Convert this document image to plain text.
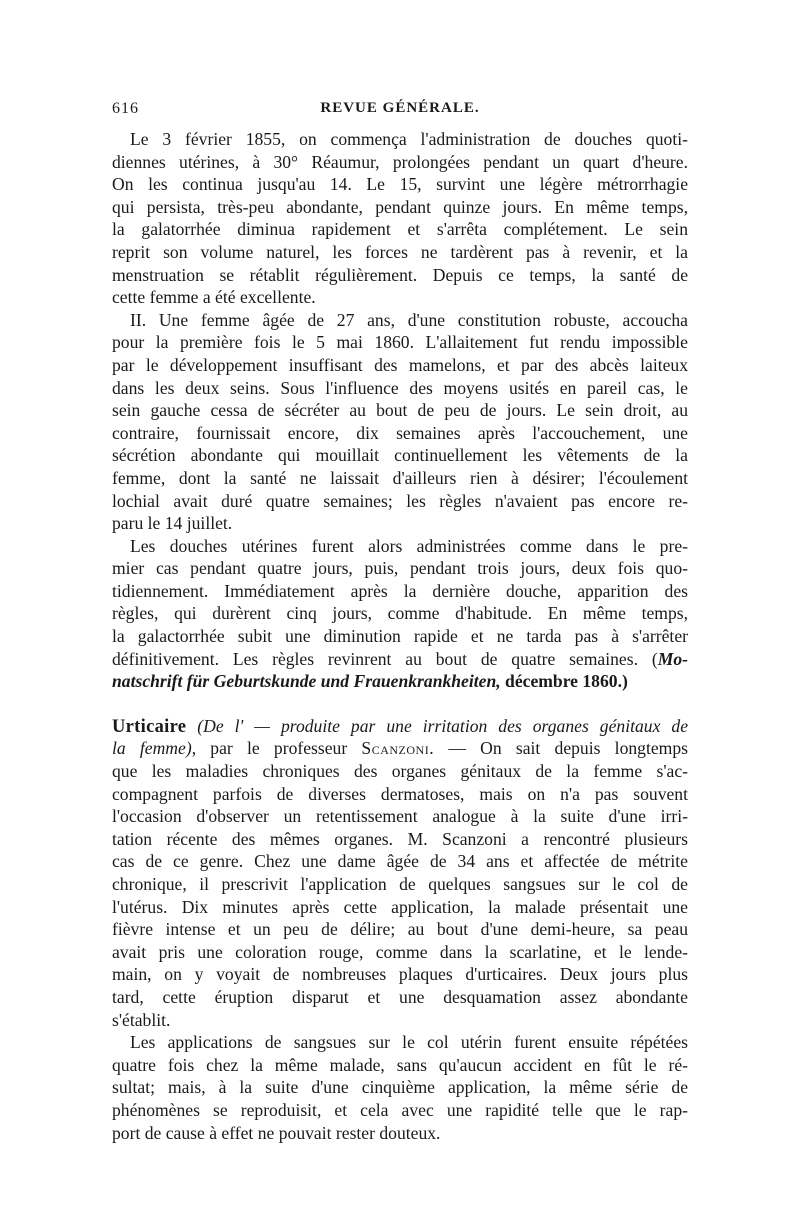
616	REVUE GÉNÉRALE.
Le 3 février 1855, on commença l'administration de douches quoti-
diennes utérines, à 30° Réaumur, prolongées pendant un quart d'heure.
On les continua jusqu'au 14. Le 15, survint une légère métrorrhagie
qui persista, très-peu abondante, pendant quinze jours. En même temps,
la galatorrhée diminua rapidement et s'arrêta complétement. Le sein
reprit son volume naturel, les forces ne tardèrent pas à revenir, et la
menstruation se rétablit régulièrement. Depuis ce temps, la santé de
cette femme a été excellente.
II. Une femme âgée de 27 ans, d'une constitution robuste, accoucha
pour la première fois le 5 mai 1860. L'allaitement fut rendu impossible
par le développement insuffisant des mamelons, et par des abcès laiteux
dans les deux seins. Sous l'influence des moyens usités en pareil cas, le
sein gauche cessa de sécréter au bout de peu de jours. Le sein droit, au
contraire, fournissait encore, dix semaines après l'accouchement, une
sécrétion abondante qui mouillait continuellement les vêtements de la
femme, dont la santé ne laissait d'ailleurs rien à désirer; l'écoulement
lochial avait duré quatre semaines; les règles n'avaient pas encore re-
paru le 14 juillet.
Les douches utérines furent alors administrées comme dans le pre-
mier cas pendant quatre jours, puis, pendant trois jours, deux fois quo-
tidiennement. Immédiatement après la dernière douche, apparition des
règles, qui durèrent cinq jours, comme d'habitude. En même temps,
la galactorrhée subit une diminution rapide et ne tarda pas à s'arrêter
définitivement. Les règles revinrent au bout de quatre semaines. (Mo-
natschrift für Geburtskunde und Frauenkrankheiten, décembre 1860.)
Urticaire (De l' — produite par une irritation des organes génitaux de
la femme), par le professeur Scanzoni. — On sait depuis longtemps
que les maladies chroniques des organes génitaux de la femme s'ac-
compagnent parfois de diverses dermatoses, mais on n'a pas souvent
l'occasion d'observer un retentissement analogue à la suite d'une irri-
tation récente des mêmes organes. M. Scanzoni a rencontré plusieurs
cas de ce genre. Chez une dame âgée de 34 ans et affectée de métrite
chronique, il prescrivit l'application de quelques sangsues sur le col de
l'utérus. Dix minutes après cette application, la malade présentait une
fièvre intense et un peu de délire; au bout d'une demi-heure, sa peau
avait pris une coloration rouge, comme dans la scarlatine, et le lende-
main, on y voyait de nombreuses plaques d'urticaires. Deux jours plus
tard, cette éruption disparut et une desquamation assez abondante
s'établit.
Les applications de sangsues sur le col utérin furent ensuite répétées
quatre fois chez la même malade, sans qu'aucun accident en fût le ré-
sultat; mais, à la suite d'une cinquième application, la même série de
phénomènes se reproduisit, et cela avec une rapidité telle que le rap-
port de cause à effet ne pouvait rester douteux.
